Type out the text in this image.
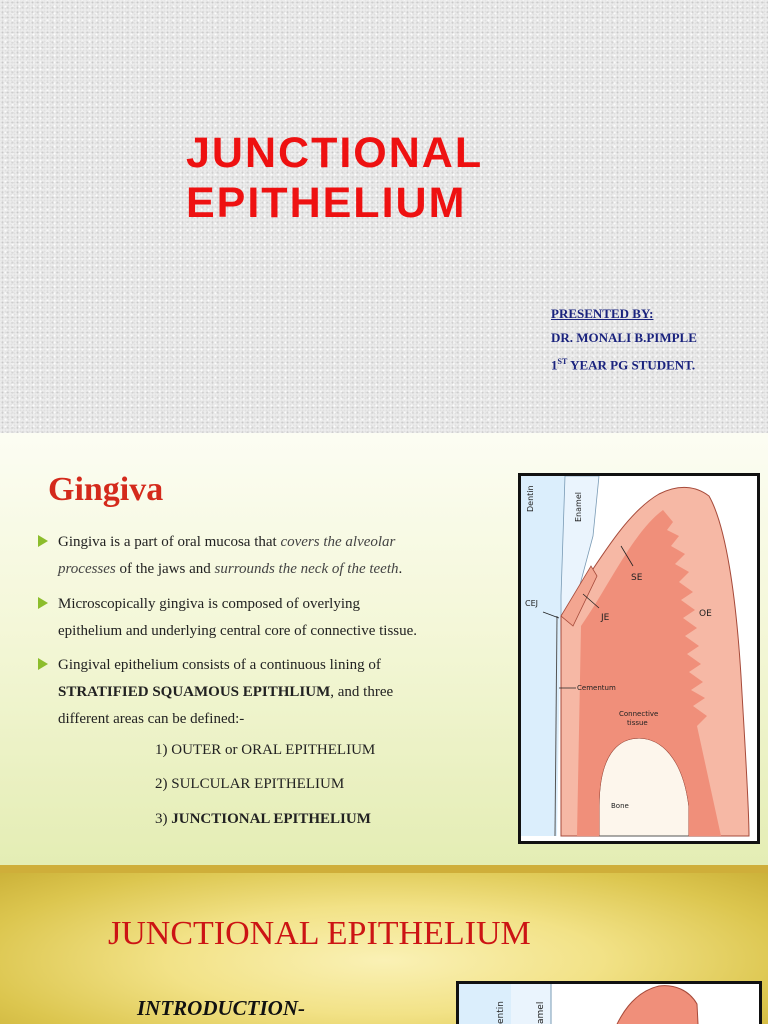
JUNCTIONAL
EPITHELIUM
PRESENTED BY:
DR. MONALI B.PIMPLE
1ST YEAR PG STUDENT.
Gingiva
Gingiva is a part of oral mucosa that covers the alveolar
processes of the jaws and surrounds the neck of the teeth.
Microscopically gingiva is composed of overlying
epithelium and underlying central core of connective tissue.
Gingival epithelium consists of a continuous lining of
STRATIFIED SQUAMOUS EPITHLIUM, and three
different areas can be defined:-
1) OUTER or ORAL EPITHELIUM
2) SULCULAR EPITHELIUM
3) JUNCTIONAL EPITHELIUM
Dentin	Enamel
SE
CEJ
JE	OE
Cementum
Connective
tissue
Bone
JUNCTIONAL EPITHELIUM
INTRODUCTION-	entin	amel
